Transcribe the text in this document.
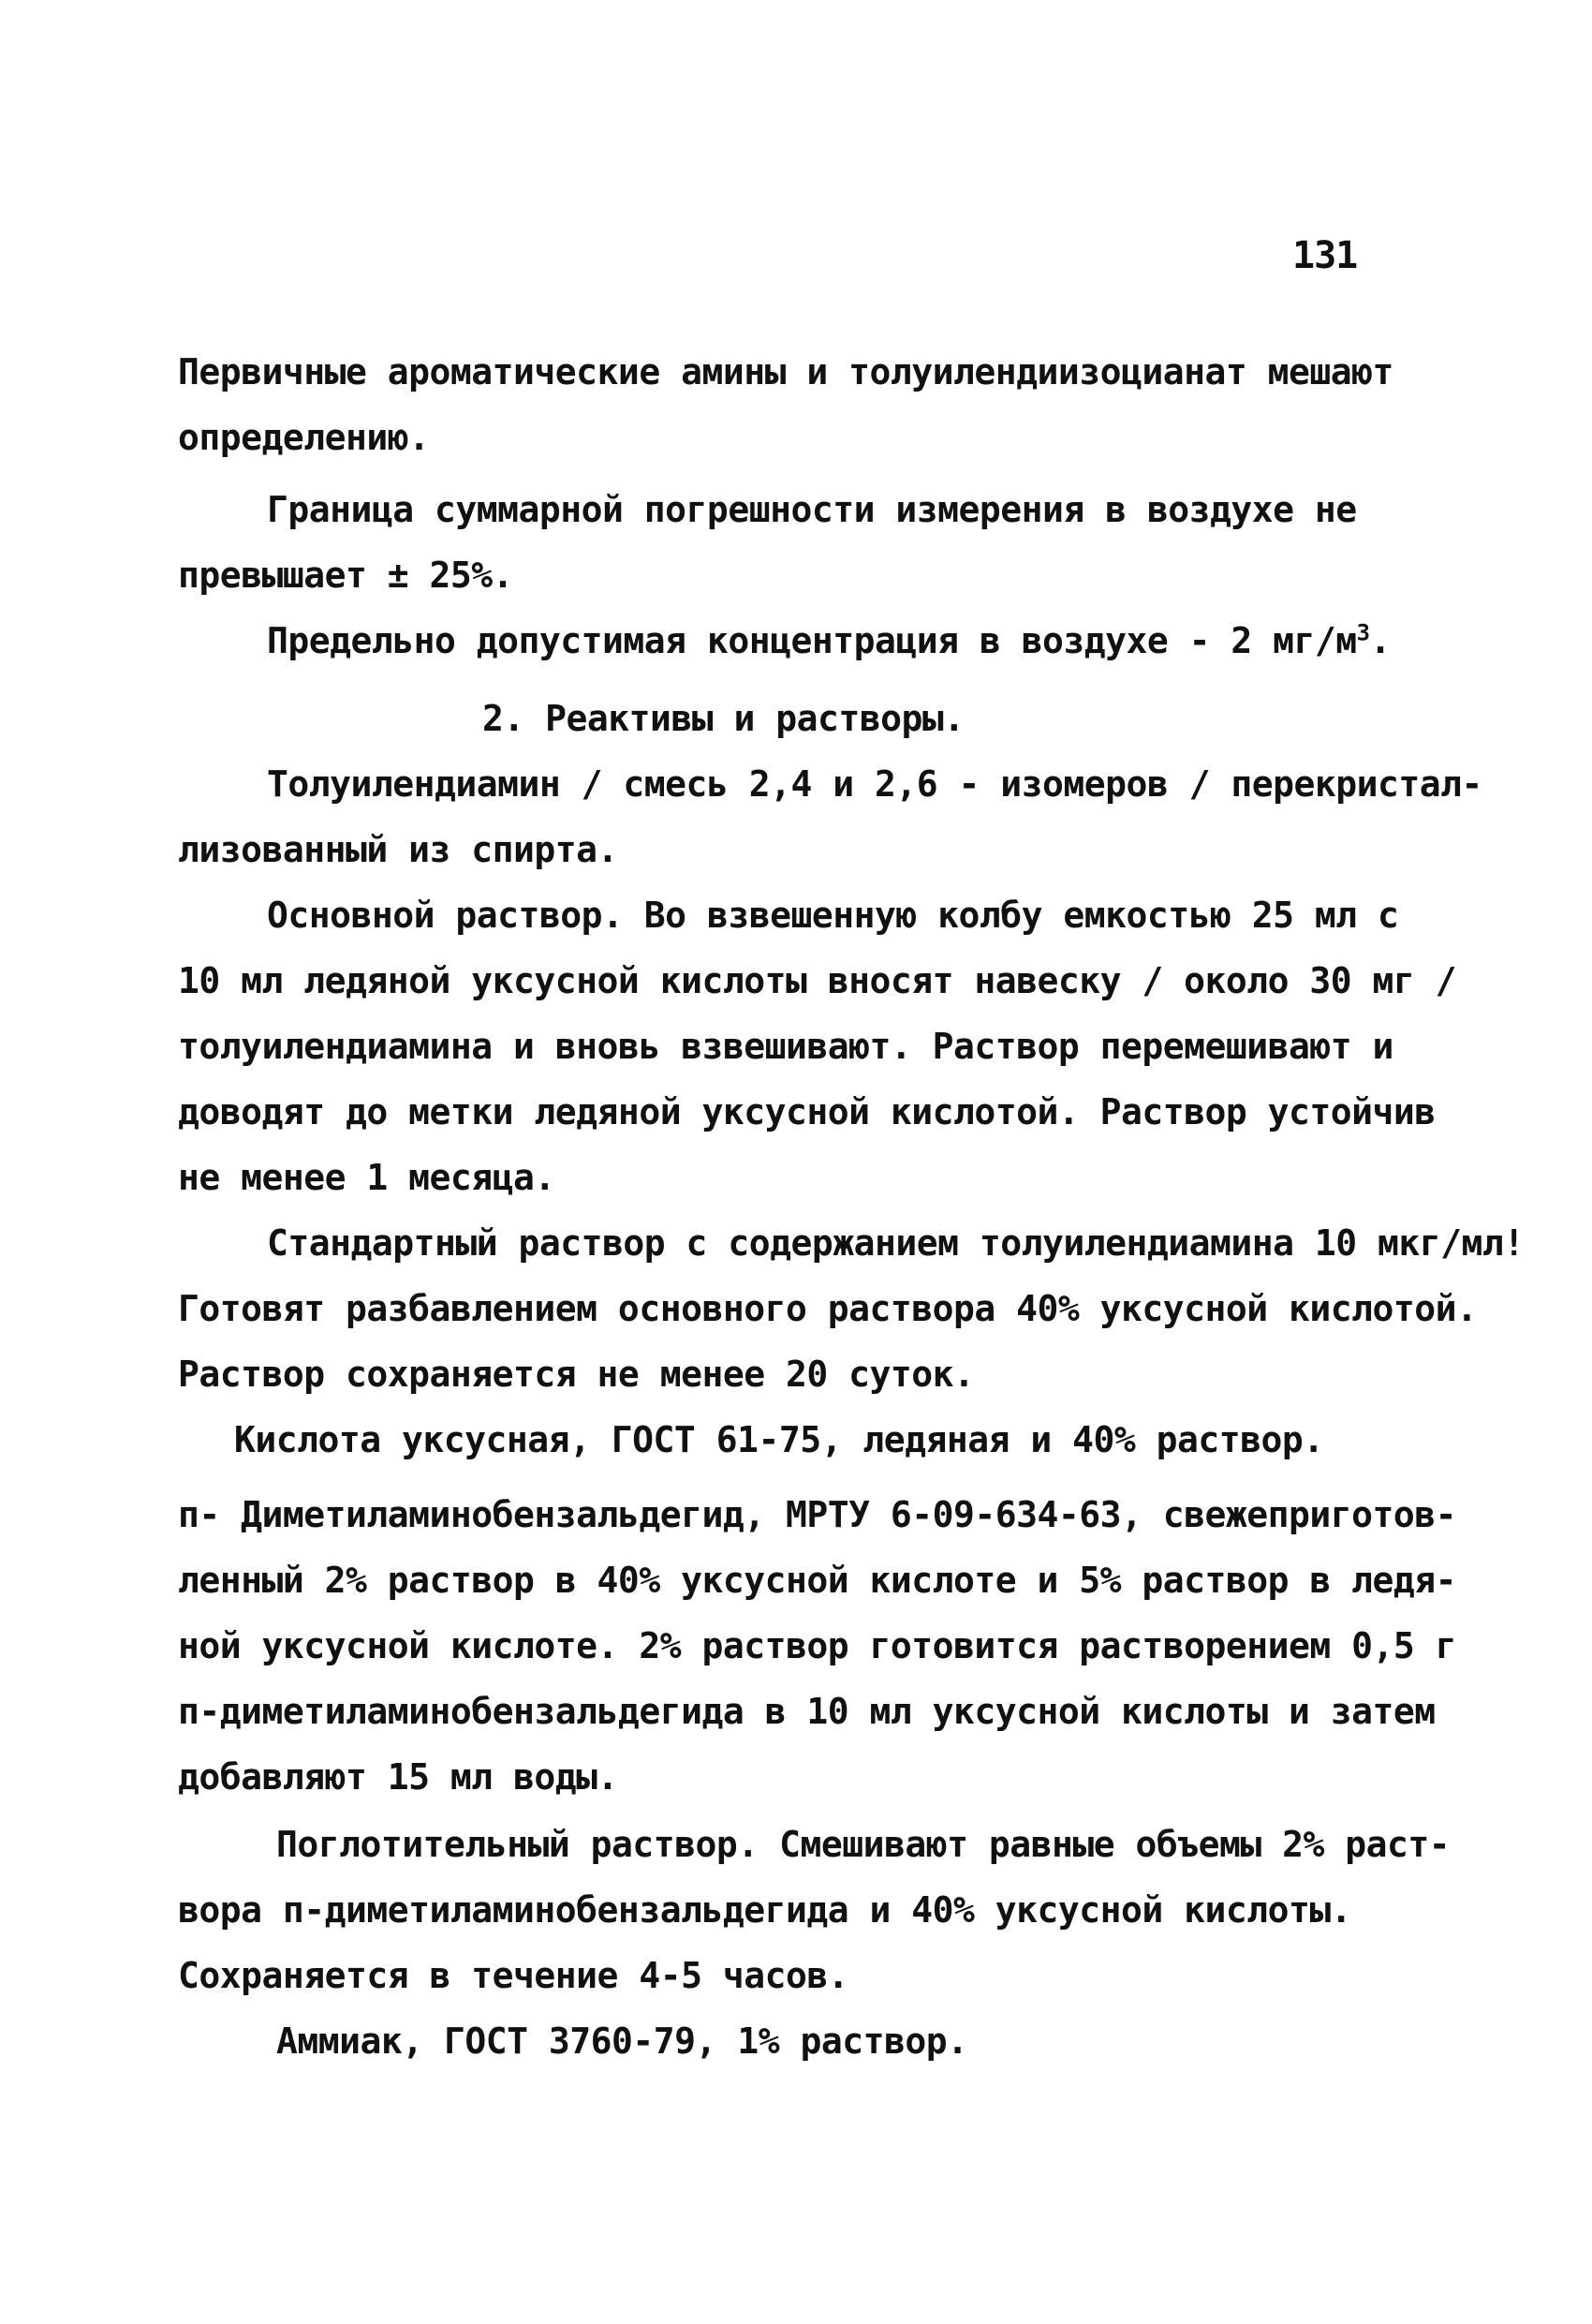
131
Первичные ароматические амины и толуилендиизоцианат мешают
определению.
Граница суммарной погрешности измерения в воздухе не
превышает ± 25%.
Предельно допустимая концентрация в воздухе - 2 $мг/м^3$.
2. Реактивы и растворы.
Толуилендиамин / смесь 2,4 и 2,6 - изомеров / перекристал-
лизованный из спирта.
Основной раствор. Во взвешенную колбу емкостью 25 мл с
10 мл ледяной уксусной кислоты вносят навеску / около 30 мг /
толуилендиамина и вновь взвешивают. Раствор перемешивают и
доводят до метки ледяной уксусной кислотой. Раствор устойчив
не менее 1 месяца.
Стандартный раствор с содержанием толуилендиамина 10 мкг/мл!
Готовят разбавлением основного раствора 40% уксусной кислотой.
Раствор сохраняется не менее 20 суток.
Кислота уксусная, ГОСТ 61-75, ледяная и 40% раствор.
п- Диметиламинобензальдегид, МРТУ 6-09-634-63, свежеприготов-
ленный 2% раствор в 40% уксусной кислоте и 5% раствор в ледя-
ной уксусной кислоте. 2% раствор готовится растворением 0,5 г
п-диметиламинобензальдегида в 10 мл уксусной кислоты и затем
добавляют 15 мл воды.
Поглотительный раствор. Смешивают равные объемы 2% раст-
вора п-диметиламинобензальдегида и 40% уксусной кислоты.
Сохраняется в течение 4-5 часов.
Аммиак, ГОСТ 3760-79, 1% раствор.
